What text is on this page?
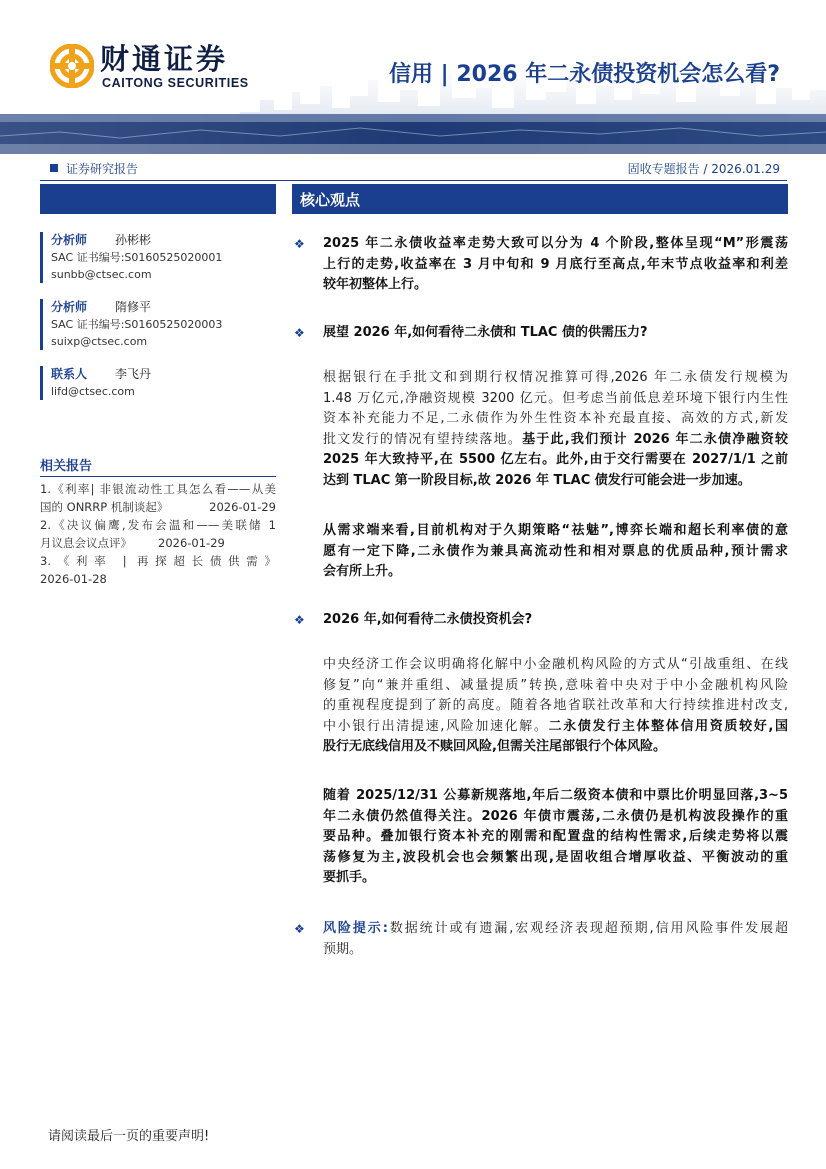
财通证券
CAITONG SECURITIES	信用 | 2026 年二永债投资机会怎么看?
证券研究报告	固收专题报告 / 2026.01.29
分析师 孙彬彬
SAC 证书编号:S0160525020001
sunbb@ctsec.com
分析师 隋修平
SAC 证书编号:S0160525020003
suixp@ctsec.com
联系人 李飞丹
lifd@ctsec.com
相关报告
1.《利率| 非银流动性工具怎么看——从美
国的 ONRRP 机制谈起》	2026-01-29
2.《决议偏鹰,发布会温和——美联储 1
月议息会议点评》 2026-01-29
3.《利率 | 再探超长债供需》
2026-01-28
核心观点
❖ 2025 年二永债收益率走势大致可以分为 4 个阶段,整体呈现“M”形震荡
上行的走势,收益率在 3 月中旬和 9 月底行至高点,年末节点收益率和利差
较年初整体上行。
❖ 展望 2026 年,如何看待二永债和 TLAC 债的供需压力?
根据银行在手批文和到期行权情况推算可得,2026 年二永债发行规模为
1.48 万亿元,净融资规模 3200 亿元。但考虑当前低息差环境下银行内生性
资本补充能力不足,二永债作为外生性资本补充最直接、高效的方式,新发
批文发行的情况有望持续落地。基于此,我们预计 2026 年二永债净融资较
2025 年大致持平,在 5500 亿左右。此外,由于交行需要在 2027/1/1 之前
达到 TLAC 第一阶段目标,故 2026 年 TLAC 债发行可能会进一步加速。
从需求端来看,目前机构对于久期策略“祛魅”,博弈长端和超长利率债的意
愿有一定下降,二永债作为兼具高流动性和相对票息的优质品种,预计需求
会有所上升。
❖ 2026 年,如何看待二永债投资机会?
中央经济工作会议明确将化解中小金融机构风险的方式从“引战重组、在线
修复”向“兼并重组、减量提质”转换,意味着中央对于中小金融机构风险
的重视程度提到了新的高度。随着各地省联社改革和大行持续推进村改支,
中小银行出清提速,风险加速化解。二永债发行主体整体信用资质较好,国
股行无底线信用及不赎回风险,但需关注尾部银行个体风险。
随着 2025/12/31 公募新规落地,年后二级资本债和中票比价明显回落,3~5
年二永债仍然值得关注。2026 年债市震荡,二永债仍是机构波段操作的重
要品种。叠加银行资本补充的刚需和配置盘的结构性需求,后续走势将以震
荡修复为主,波段机会也会频繁出现,是固收组合增厚收益、平衡波动的重
要抓手。
❖ 风险提示:数据统计或有遗漏,宏观经济表现超预期,信用风险事件发展超
预期。
请阅读最后一页的重要声明!
